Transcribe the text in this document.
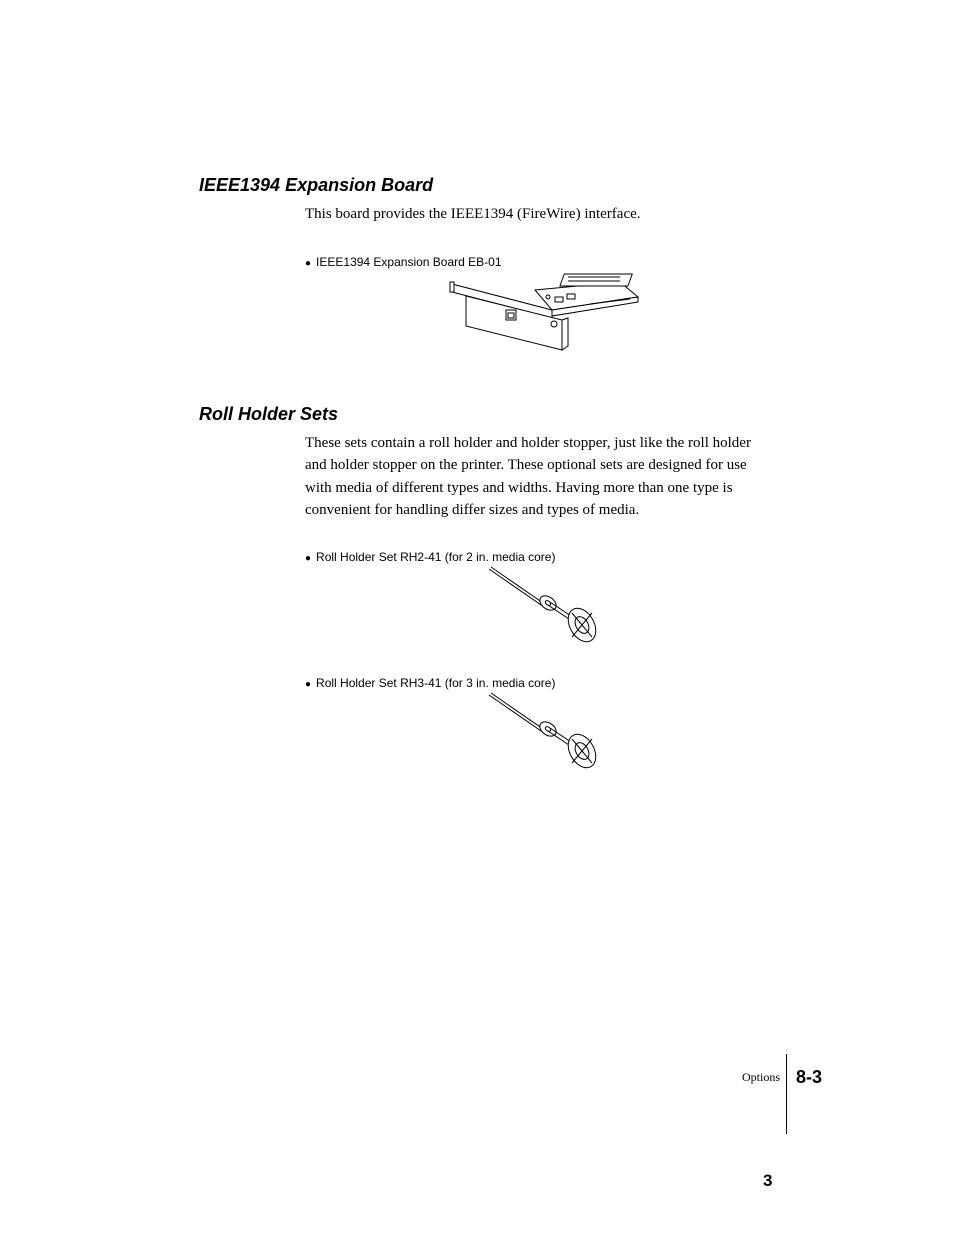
IEEE1394 Expansion Board
This board provides the IEEE1394 (FireWire) interface.
● IEEE1394 Expansion Board EB-01
Roll Holder Sets
These sets contain a roll holder and holder stopper, just like the roll holder and holder stopper on the printer. These optional sets are designed for use with media of different types and widths. Having more than one type is convenient for handling differ sizes and types of media.
● Roll Holder Set RH2-41 (for 2 in. media core)
● Roll Holder Set RH3-41 (for 3 in. media core)
Options 8-3
3
